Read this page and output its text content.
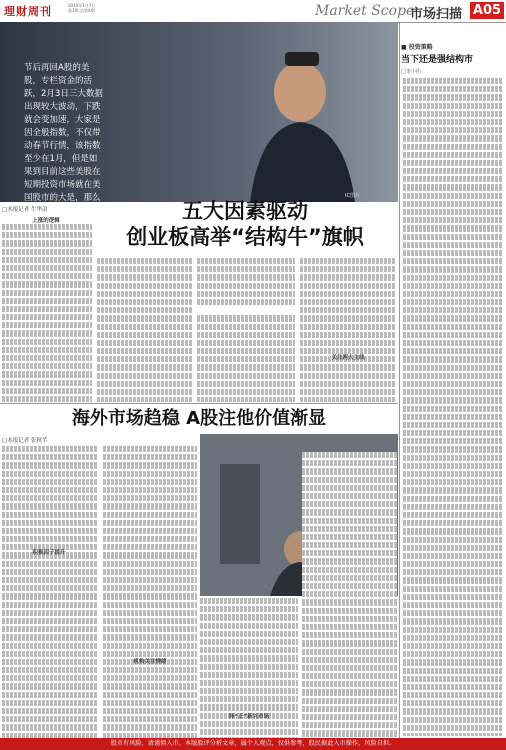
理财周刊	2019年1月7日
第1期 总第X期	Market Scope
市场扫描 A05
节后再回A股的美股，专栏资金的活跃，2月3日三大数据出现较大波动，下跌就会变加速，大家是因全般指数，不仅带动春节行情，该指数至少在1月，但是如果到目前这些美股在短期投资市场就在美国股市的大是，那么	IC图片
五大因素驱动
创业板高举“结构牛”旗帜
□本报记者 牛华浪
上涨的逻辑
关注两大主线
海外市场趋稳 A股注他价值渐显
□本报记者 张秋芊
积极因子提升
机构关注情绪
择“正”新兴市场
■ 投资策略
当下还是强结构市
□李小伟
股市有风险，请谨慎入市。本版股评分析文章，属个人观点，仅供参考，股民据此入市操作，风险自担。
